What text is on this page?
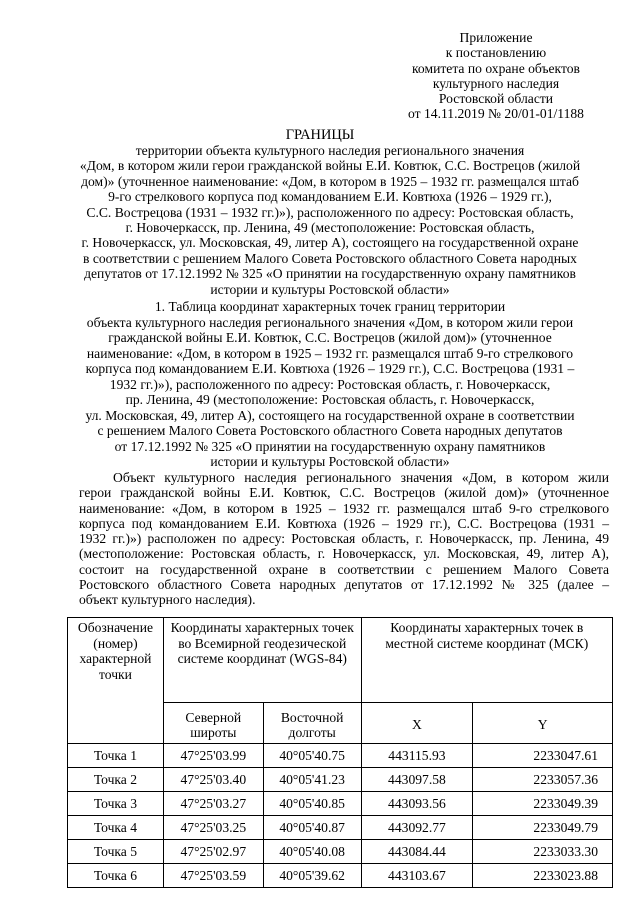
Приложение
к постановлению
комитета по охране объектов
культурного наследия
Ростовской области
от 14.11.2019 № 20/01-01/1188
ГРАНИЦЫ
территории объекта культурного наследия регионального значения
«Дом, в котором жили герои гражданской войны Е.И. Ковтюк, С.С. Вострецов (жилой
дом)» (уточненное наименование: «Дом, в котором в 1925 – 1932 гг. размещался штаб
9-го стрелкового корпуса под командованием Е.И. Ковтюха (1926 – 1929 гг.),
С.С. Вострецова (1931 – 1932 гг.)»), расположенного по адресу: Ростовская область,
г. Новочеркасск, пр. Ленина, 49 (местоположение: Ростовская область,
г. Новочеркасск, ул. Московская, 49, литер А), состоящего на государственной охране
в соответствии с решением Малого Совета Ростовского областного Совета народных
депутатов от 17.12.1992 № 325 «О принятии на государственную охрану памятников
истории и культуры Ростовской области»
1. Таблица координат характерных точек границ территории
объекта культурного наследия регионального значения «Дом, в котором жили герои
гражданской войны Е.И. Ковтюк, С.С. Вострецов (жилой дом)» (уточненное
наименование: «Дом, в котором в 1925 – 1932 гг. размещался штаб 9-го стрелкового
корпуса под командованием Е.И. Ковтюха (1926 – 1929 гг.), С.С. Вострецова (1931 –
1932 гг.)»), расположенного по адресу: Ростовская область, г. Новочеркасск,
пр. Ленина, 49 (местоположение: Ростовская область, г. Новочеркасск,
ул. Московская, 49, литер А), состоящего на государственной охране в соответствии
с решением Малого Совета Ростовского областного Совета народных депутатов
от 17.12.1992 № 325 «О принятии на государственную охрану памятников
истории и культуры Ростовской области»
Объект культурного наследия регионального значения «Дом, в котором жили
герои гражданской войны Е.И. Ковтюк, С.С. Вострецов (жилой дом)» (уточненное
наименование: «Дом, в котором в 1925 – 1932 гг. размещался штаб 9-го стрелкового
корпуса под командованием Е.И. Ковтюха (1926 – 1929 гг.), С.С. Вострецова (1931 –
1932 гг.)») расположен по адресу: Ростовская область, г. Новочеркасск, пр. Ленина, 49
(местоположение: Ростовская область, г. Новочеркасск, ул. Московская, 49, литер А),
состоит на государственной охране в соответствии с решением Малого Совета
Ростовского областного Совета народных депутатов от 17.12.1992 № 325 (далее –
объект культурного наследия).
Обозначение (номер) характерной точки	Координаты характерных точек во Всемирной геодезической системе координат (WGS-84)		Координаты характерных точек в местной системе координат (МСК)	
	Северной широты	Восточной долготы	X	Y
Точка 1	47°25'03.99	40°05'40.75	443115.93	2233047.61
Точка 2	47°25'03.40	40°05'41.23	443097.58	2233057.36
Точка 3	47°25'03.27	40°05'40.85	443093.56	2233049.39
Точка 4	47°25'03.25	40°05'40.87	443092.77	2233049.79
Точка 5	47°25'02.97	40°05'40.08	443084.44	2233033.30
Точка 6	47°25'03.59	40°05'39.62	443103.67	2233023.88
